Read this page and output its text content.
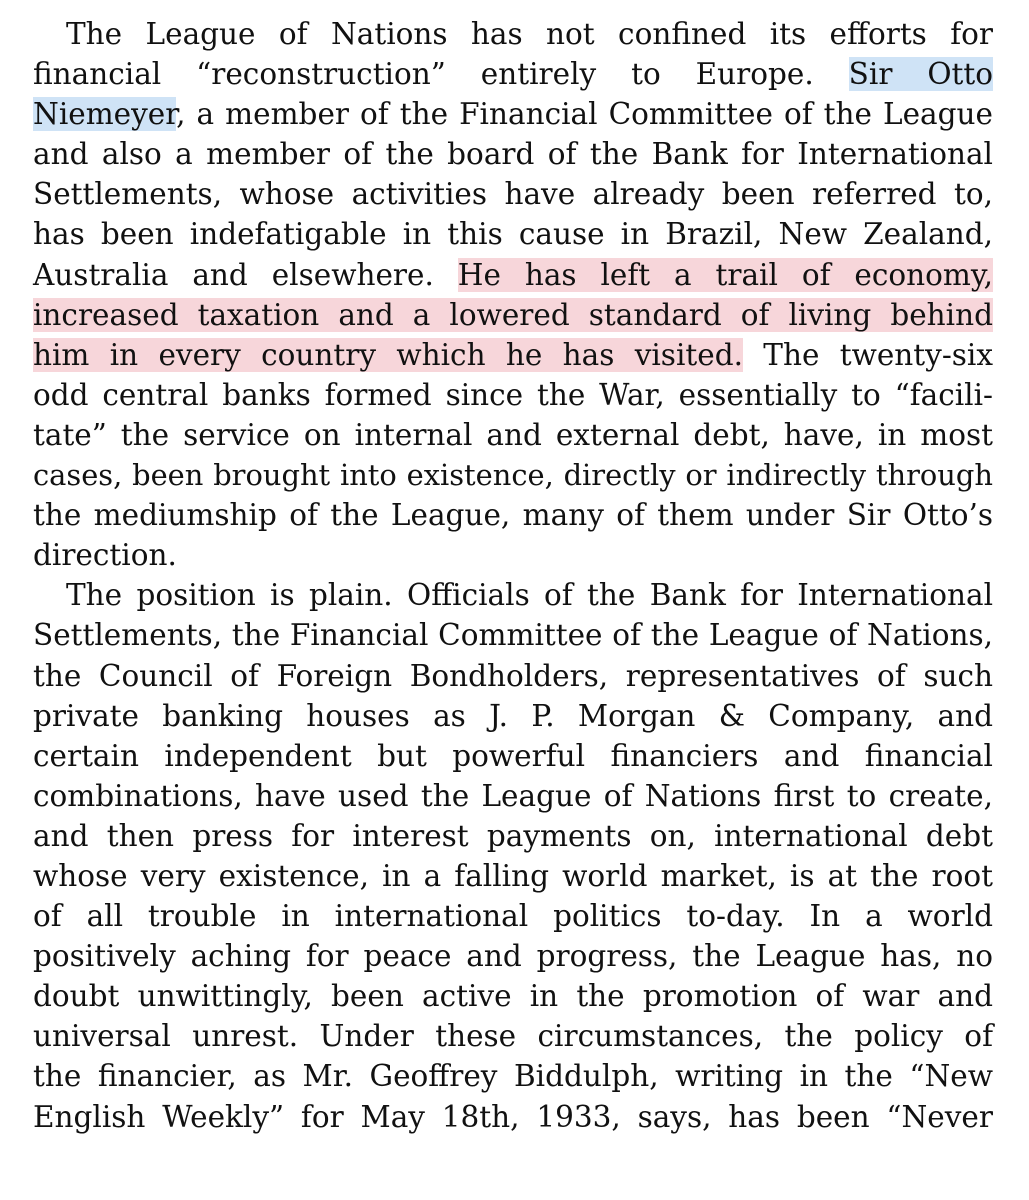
The League of Nations has not confined its efforts for
financial “reconstruction” entirely to Europe. Sir Otto
Niemeyer, a member of the Financial Committee of the League
and also a member of the board of the Bank for International
Settlements, whose activities have already been referred to,
has been indefatigable in this cause in Brazil, New Zealand,
Australia and elsewhere. He has left a trail of economy,
increased taxation and a lowered standard of living behind
him in every country which he has visited. The twenty-six
odd central banks formed since the War, essentially to “facili-
tate” the service on internal and external debt, have, in most
cases, been brought into existence, directly or indirectly through
the mediumship of the League, many of them under Sir Otto’s
direction.
The position is plain. Officials of the Bank for International
Settlements, the Financial Committee of the League of Nations,
the Council of Foreign Bondholders, representatives of such
private banking houses as J. P. Morgan & Company, and
certain independent but powerful financiers and financial
combinations, have used the League of Nations first to create,
and then press for interest payments on, international debt
whose very existence, in a falling world market, is at the root
of all trouble in international politics to-day. In a world
positively aching for peace and progress, the League has, no
doubt unwittingly, been active in the promotion of war and
universal unrest. Under these circumstances, the policy of
the financier, as Mr. Geoffrey Biddulph, writing in the “New
English Weekly” for May 18th, 1933, says, has been “Never
